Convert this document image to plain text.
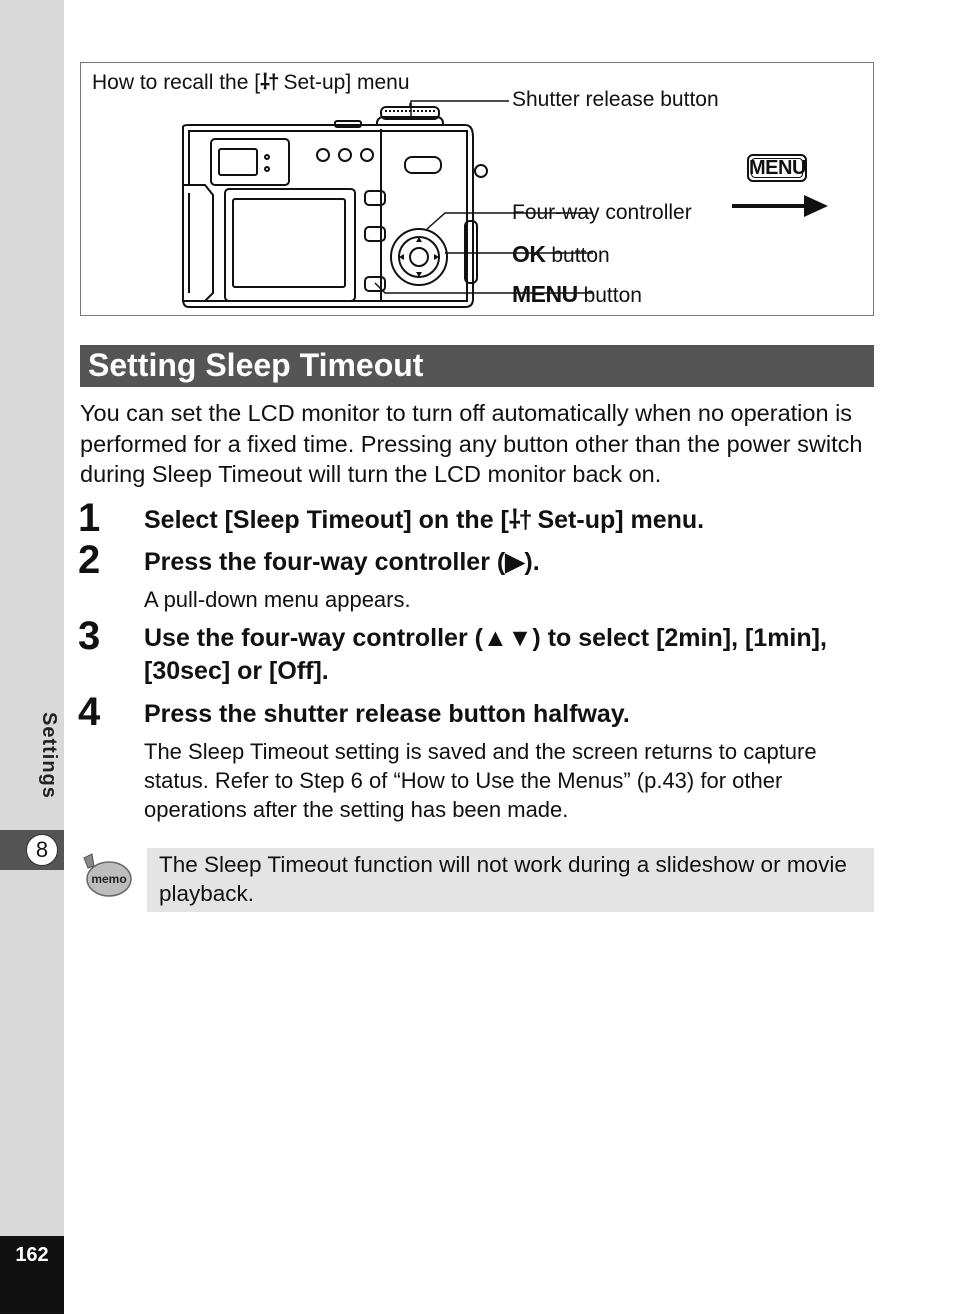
Settings
8
162
How to recall the [⸸† Set-up] menu
Shutter release button
Four-way controller
OK button
MENU button
MENU
Setting Sleep Timeout
You can set the LCD monitor to turn off automatically when no operation is performed for a fixed time. Pressing any button other than the power switch during Sleep Timeout will turn the LCD monitor back on.
1 Select [Sleep Timeout] on the [⸸† Set-up] menu.
2 Press the four-way controller (▶).
A pull-down menu appears.
3 Use the four-way controller (▲▼) to select [2min], [1min], [30sec] or [Off].
4 Press the shutter release button halfway.
The Sleep Timeout setting is saved and the screen returns to capture status. Refer to Step 6 of “How to Use the Menus” (p.43) for other operations after the setting has been made.
memo
The Sleep Timeout function will not work during a slideshow or movie playback.
